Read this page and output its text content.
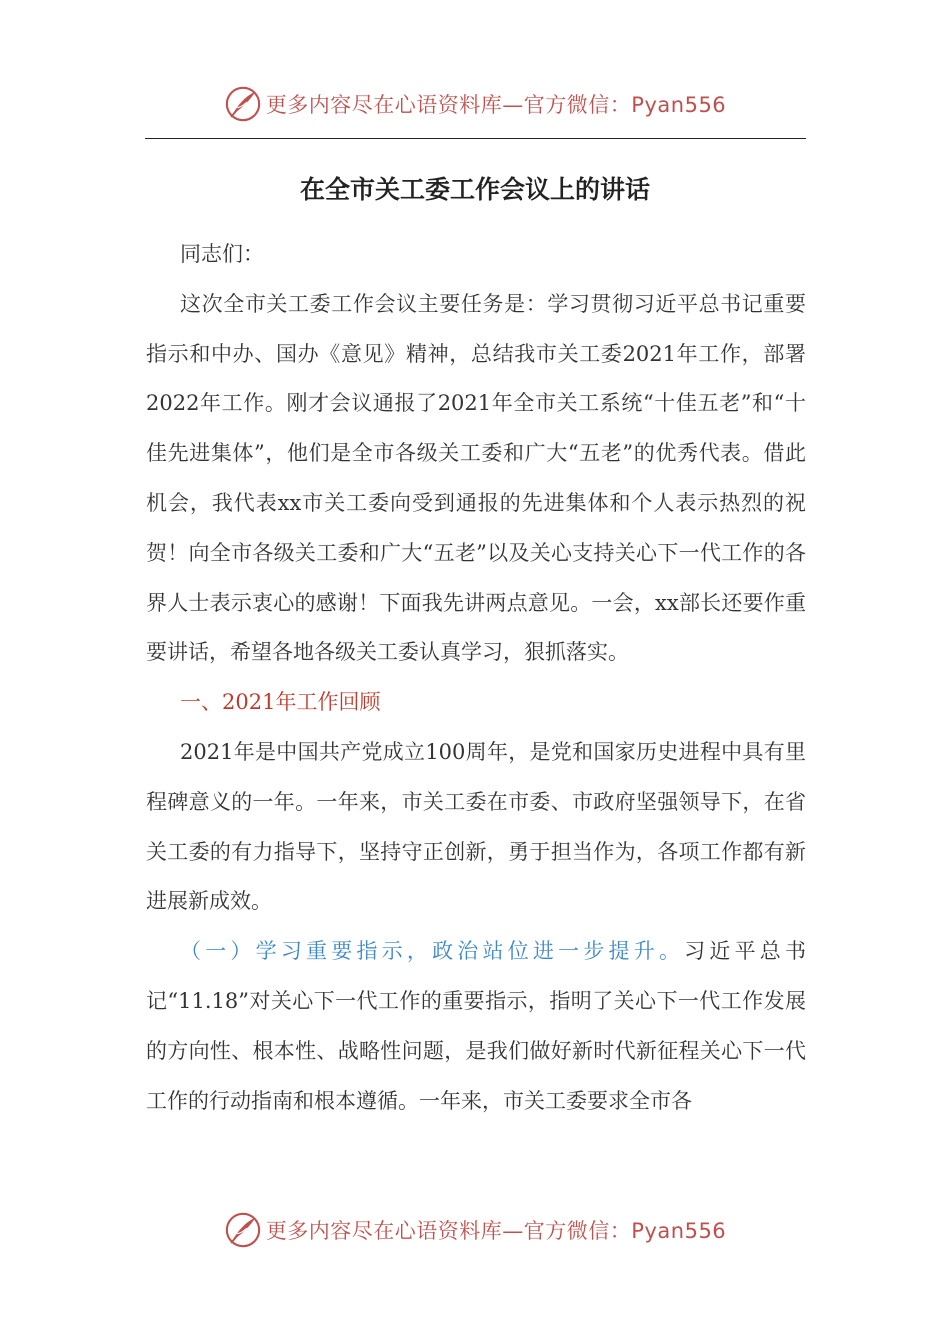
更多内容尽在心语资料库—官方微信：Pyan556
在全市关工委工作会议上的讲话

同志们：

这次全市关工委工作会议主要任务是：学习贯彻习近平总书记重要指示和中办、国办《意见》精神，总结我市关工委2021年工作，部署2022年工作。刚才会议通报了2021年全市关工系统“十佳五老”和“十佳先进集体”，他们是全市各级关工委和广大“五老”的优秀代表。借此机会，我代表xx市关工委向受到通报的先进集体和个人表示热烈的祝贺！向全市各级关工委和广大“五老”以及关心支持关心下一代工作的各界人士表示衷心的感谢！下面我先讲两点意见。一会，xx部长还要作重要讲话，希望各地各级关工委认真学习，狠抓落实。

一、2021年工作回顾

2021年是中国共产党成立100周年，是党和国家历史进程中具有里程碑意义的一年。一年来，市关工委在市委、市政府坚强领导下，在省关工委的有力指导下，坚持守正创新，勇于担当作为，各项工作都有新进展新成效。

（一）学习重要指示，政治站位进一步提升。习近平总书记“11.18”对关心下一代工作的重要指示，指明了关心下一代工作发展的方向性、根本性、战略性问题，是我们做好新时代新征程关心下一代工作的行动指南和根本遵循。一年来，市关工委要求全市各

更多内容尽在心语资料库—官方微信：Pyan556
